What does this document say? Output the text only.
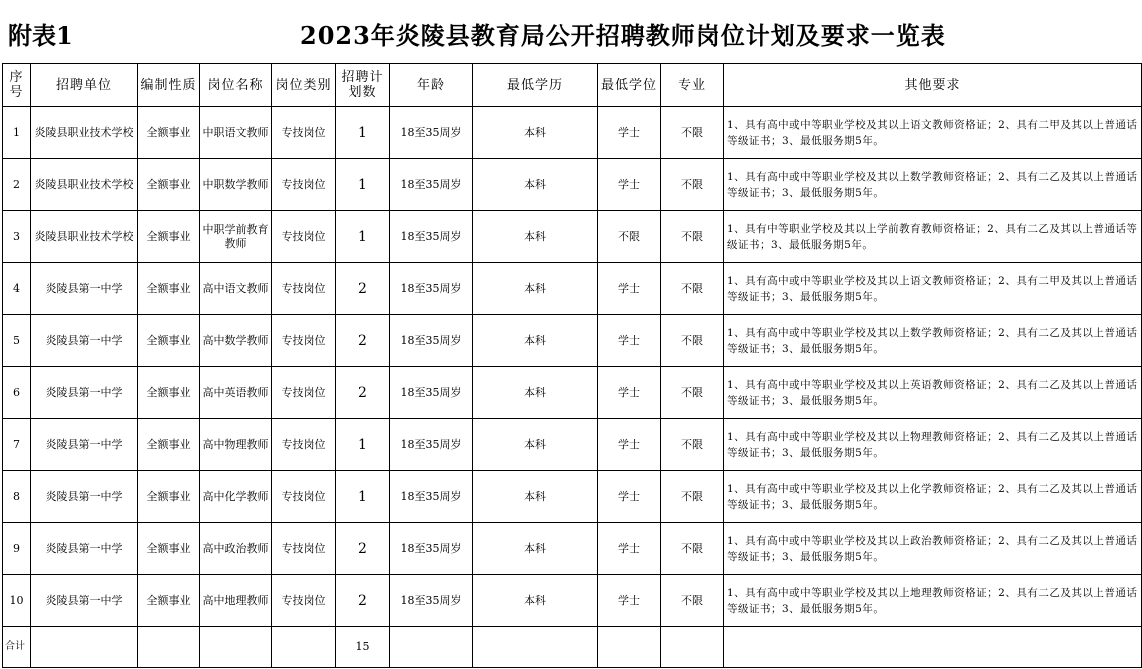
附表1	2023年炎陵县教育局公开招聘教师岗位计划及要求一览表
序号	招聘单位	编制性质	岗位名称	岗位类别	招聘计划数	年龄	最低学历	最低学位	专业	其他要求
1	炎陵县职业技术学校	全额事业	中职语文教师	专技岗位	1	18至35周岁	本科	学士	不限	1、具有高中或中等职业学校及其以上语文教师资格证；2、具有二甲及其以上普通话等级证书；3、最低服务期5年。
2	炎陵县职业技术学校	全额事业	中职数学教师	专技岗位	1	18至35周岁	本科	学士	不限	1、具有高中或中等职业学校及其以上数学教师资格证；2、具有二乙及其以上普通话等级证书；3、最低服务期5年。
3	炎陵县职业技术学校	全额事业	中职学前教育教师	专技岗位	1	18至35周岁	本科	不限	不限	1、具有中等职业学校及其以上学前教育教师资格证；2、具有二乙及其以上普通话等级证书；3、最低服务期5年。
4	炎陵县第一中学	全额事业	高中语文教师	专技岗位	2	18至35周岁	本科	学士	不限	1、具有高中或中等职业学校及其以上语文教师资格证；2、具有二甲及其以上普通话等级证书；3、最低服务期5年。
5	炎陵县第一中学	全额事业	高中数学教师	专技岗位	2	18至35周岁	本科	学士	不限	1、具有高中或中等职业学校及其以上数学教师资格证；2、具有二乙及其以上普通话等级证书；3、最低服务期5年。
6	炎陵县第一中学	全额事业	高中英语教师	专技岗位	2	18至35周岁	本科	学士	不限	1、具有高中或中等职业学校及其以上英语教师资格证；2、具有二乙及其以上普通话等级证书；3、最低服务期5年。
7	炎陵县第一中学	全额事业	高中物理教师	专技岗位	1	18至35周岁	本科	学士	不限	1、具有高中或中等职业学校及其以上物理教师资格证；2、具有二乙及其以上普通话等级证书；3、最低服务期5年。
8	炎陵县第一中学	全额事业	高中化学教师	专技岗位	1	18至35周岁	本科	学士	不限	1、具有高中或中等职业学校及其以上化学教师资格证；2、具有二乙及其以上普通话等级证书；3、最低服务期5年。
9	炎陵县第一中学	全额事业	高中政治教师	专技岗位	2	18至35周岁	本科	学士	不限	1、具有高中或中等职业学校及其以上政治教师资格证；2、具有二乙及其以上普通话等级证书；3、最低服务期5年。
10	炎陵县第一中学	全额事业	高中地理教师	专技岗位	2	18至35周岁	本科	学士	不限	1、具有高中或中等职业学校及其以上地理教师资格证；2、具有二乙及其以上普通话等级证书；3、最低服务期5年。
合计					15					
